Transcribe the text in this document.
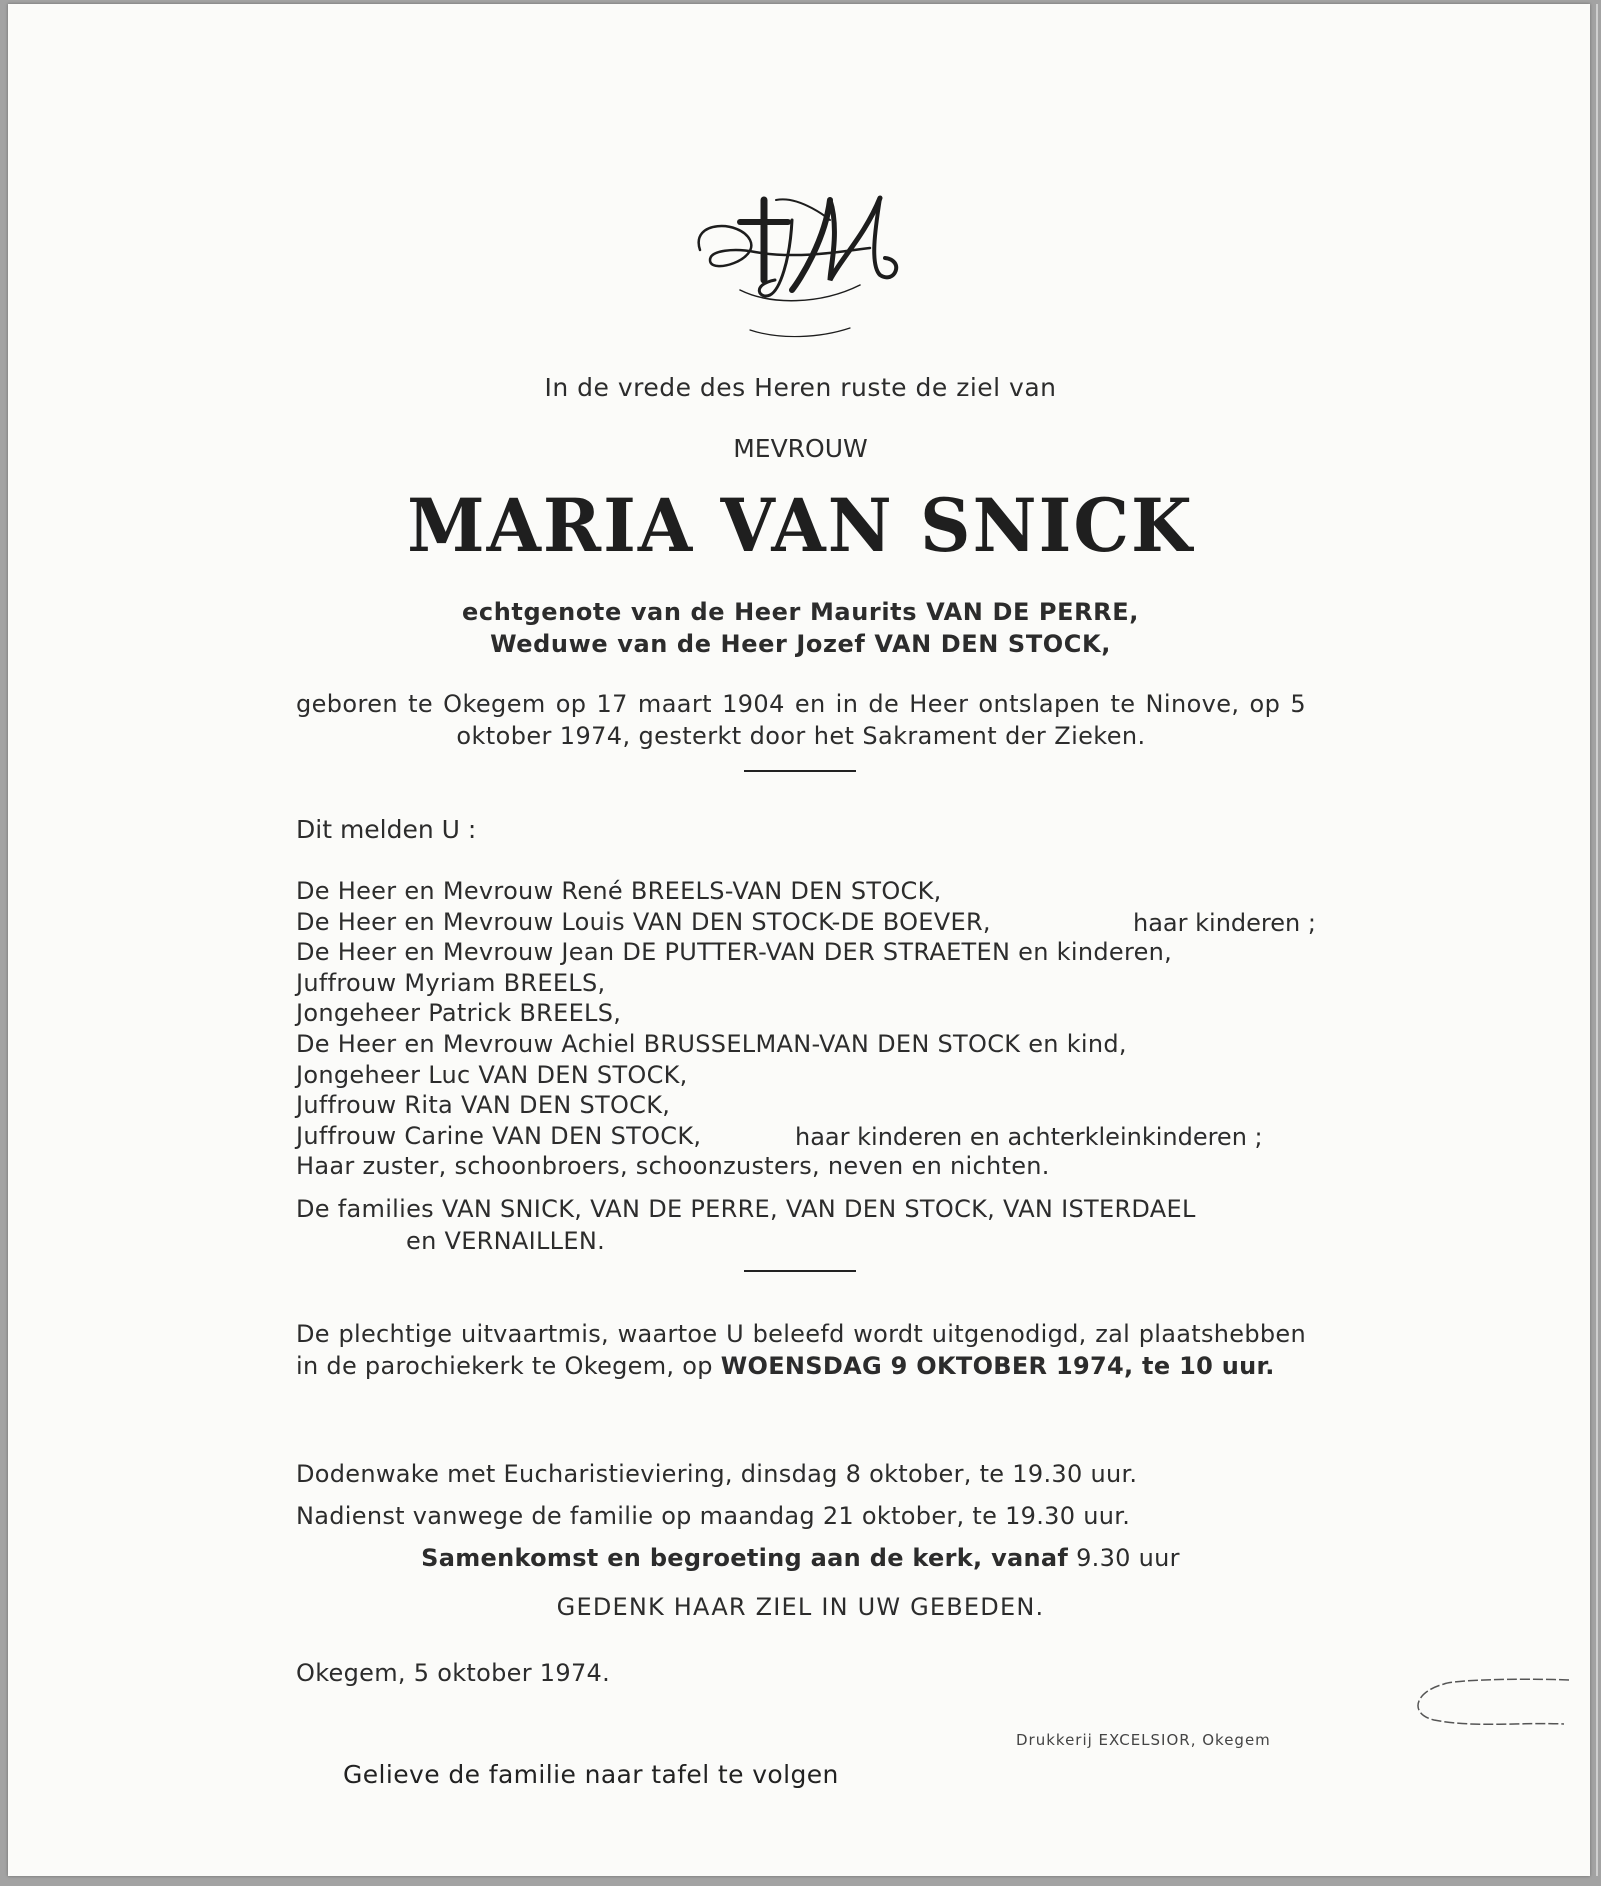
In de vrede des Heren ruste de ziel van
MEVROUW
MARIA VAN SNICK
echtgenote van de Heer Maurits VAN DE PERRE,
Weduwe van de Heer Jozef VAN DEN STOCK,
geboren te Okegem op 17 maart 1904 en in de Heer ontslapen te Ninove, op 5 oktober 1974, gesterkt door het Sakrament der Zieken.
Dit melden U :
De Heer en Mevrouw René BREELS-VAN DEN STOCK,
De Heer en Mevrouw Louis VAN DEN STOCK-DE BOEVER,
De Heer en Mevrouw Jean DE PUTTER-VAN DER STRAETEN en kinderen,
Juffrouw Myriam BREELS,
Jongeheer Patrick BREELS,
De Heer en Mevrouw Achiel BRUSSELMAN-VAN DEN STOCK en kind,
Jongeheer Luc VAN DEN STOCK,
Juffrouw Rita VAN DEN STOCK,
Juffrouw Carine VAN DEN STOCK,
Haar zuster, schoonbroers, schoonzusters, neven en nichten.
haar kinderen ;
haar kinderen en achterkleinkinderen ;
De families VAN SNICK, VAN DE PERRE, VAN DEN STOCK, VAN ISTERDAEL
en VERNAILLEN.
De plechtige uitvaartmis, waartoe U beleefd wordt uitgenodigd, zal plaatshebben in de parochiekerk te Okegem, op WOENSDAG 9 OKTOBER 1974, te 10 uur.
Dodenwake met Eucharistieviering, dinsdag 8 oktober, te 19.30 uur.
Nadienst vanwege de familie op maandag 21 oktober, te 19.30 uur.
Samenkomst en begroeting aan de kerk, vanaf 9.30 uur
GEDENK HAAR ZIEL IN UW GEBEDEN.
Okegem, 5 oktober 1974.
Drukkerij EXCELSIOR, Okegem
Gelieve de familie naar tafel te volgen
